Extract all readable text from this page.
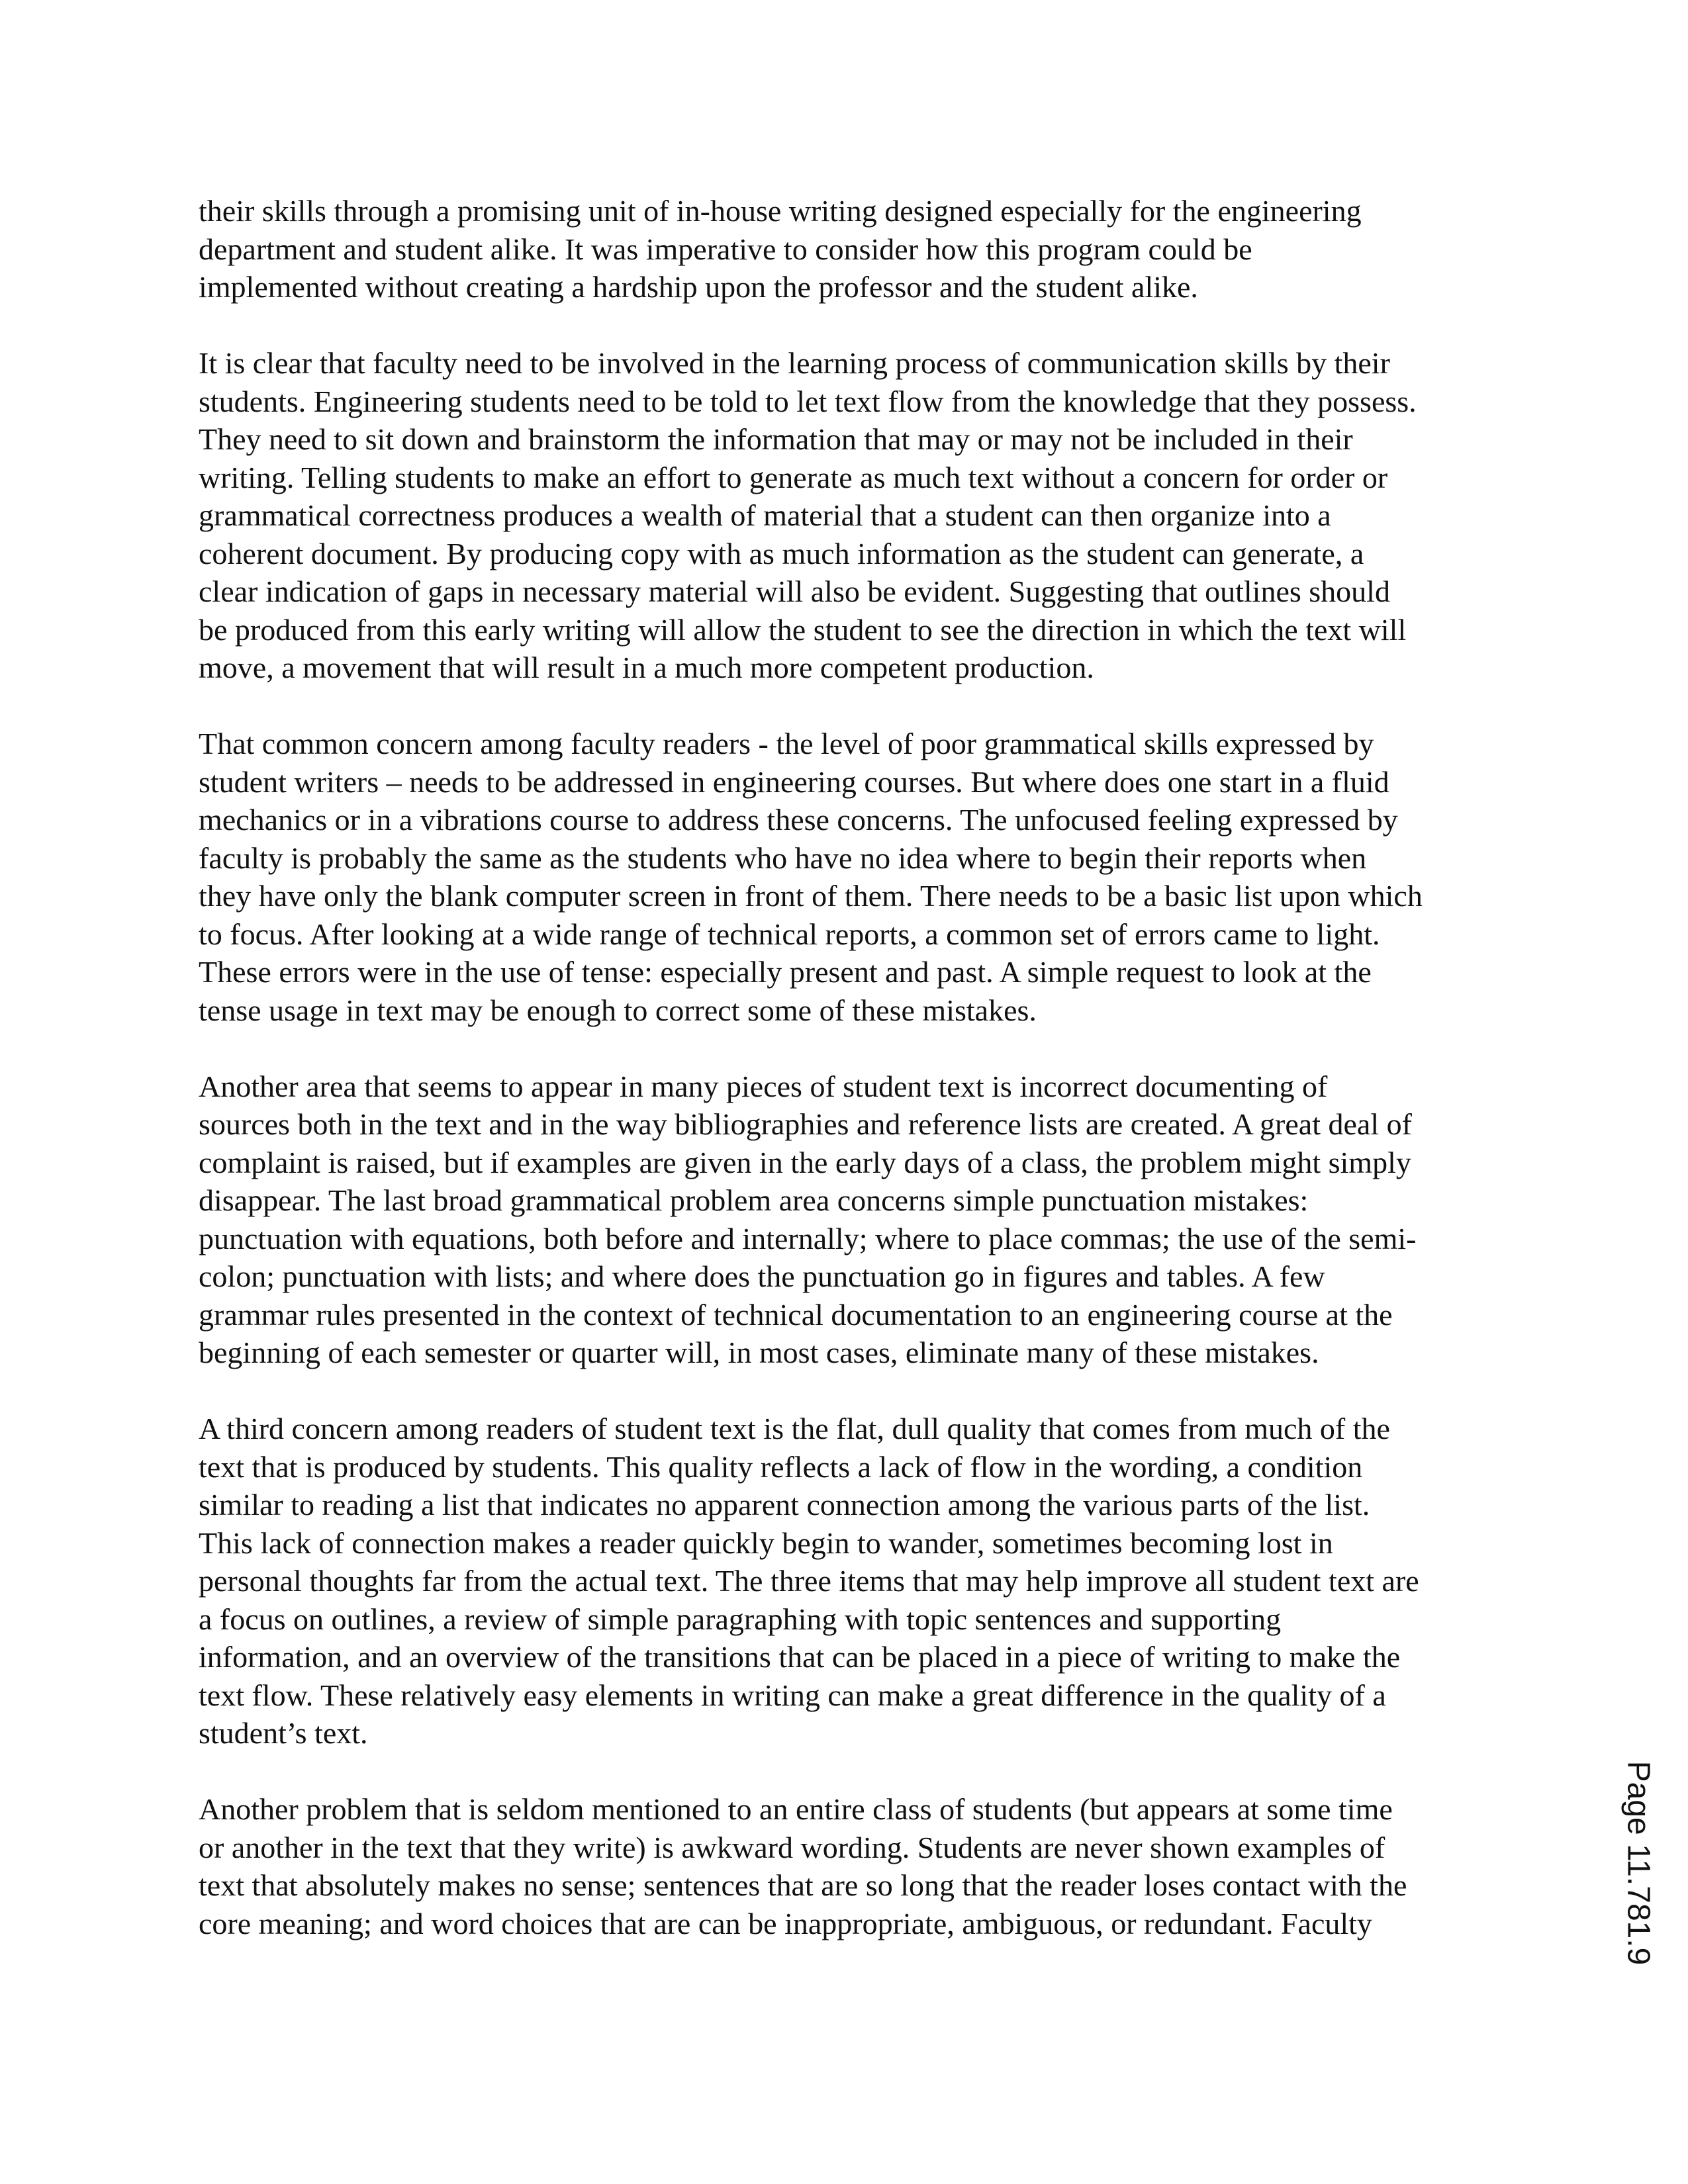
their skills through a promising unit of in-house writing designed especially for the engineering
department and student alike. It was imperative to consider how this program could be
implemented without creating a hardship upon the professor and the student alike.

It is clear that faculty need to be involved in the learning process of communication skills by their
students. Engineering students need to be told to let text flow from the knowledge that they possess.
They need to sit down and brainstorm the information that may or may not be included in their
writing. Telling students to make an effort to generate as much text without a concern for order or
grammatical correctness produces a wealth of material that a student can then organize into a
coherent document. By producing copy with as much information as the student can generate, a
clear indication of gaps in necessary material will also be evident. Suggesting that outlines should
be produced from this early writing will allow the student to see the direction in which the text will
move, a movement that will result in a much more competent production.

That common concern among faculty readers - the level of poor grammatical skills expressed by
student writers – needs to be addressed in engineering courses. But where does one start in a fluid
mechanics or in a vibrations course to address these concerns. The unfocused feeling expressed by
faculty is probably the same as the students who have no idea where to begin their reports when
they have only the blank computer screen in front of them. There needs to be a basic list upon which
to focus. After looking at a wide range of technical reports, a common set of errors came to light.
These errors were in the use of tense: especially present and past. A simple request to look at the
tense usage in text may be enough to correct some of these mistakes.

Another area that seems to appear in many pieces of student text is incorrect documenting of
sources both in the text and in the way bibliographies and reference lists are created. A great deal of
complaint is raised, but if examples are given in the early days of a class, the problem might simply
disappear. The last broad grammatical problem area concerns simple punctuation mistakes:
punctuation with equations, both before and internally; where to place commas; the use of the semi-
colon; punctuation with lists; and where does the punctuation go in figures and tables. A few
grammar rules presented in the context of technical documentation to an engineering course at the
beginning of each semester or quarter will, in most cases, eliminate many of these mistakes.

A third concern among readers of student text is the flat, dull quality that comes from much of the
text that is produced by students. This quality reflects a lack of flow in the wording, a condition
similar to reading a list that indicates no apparent connection among the various parts of the list.
This lack of connection makes a reader quickly begin to wander, sometimes becoming lost in
personal thoughts far from the actual text. The three items that may help improve all student text are
a focus on outlines, a review of simple paragraphing with topic sentences and supporting
information, and an overview of the transitions that can be placed in a piece of writing to make the
text flow. These relatively easy elements in writing can make a great difference in the quality of a
student’s text.

Another problem that is seldom mentioned to an entire class of students (but appears at some time
or another in the text that they write) is awkward wording. Students are never shown examples of
text that absolutely makes no sense; sentences that are so long that the reader loses contact with the
core meaning; and word choices that are can be inappropriate, ambiguous, or redundant. Faculty	Page 11.781.9
